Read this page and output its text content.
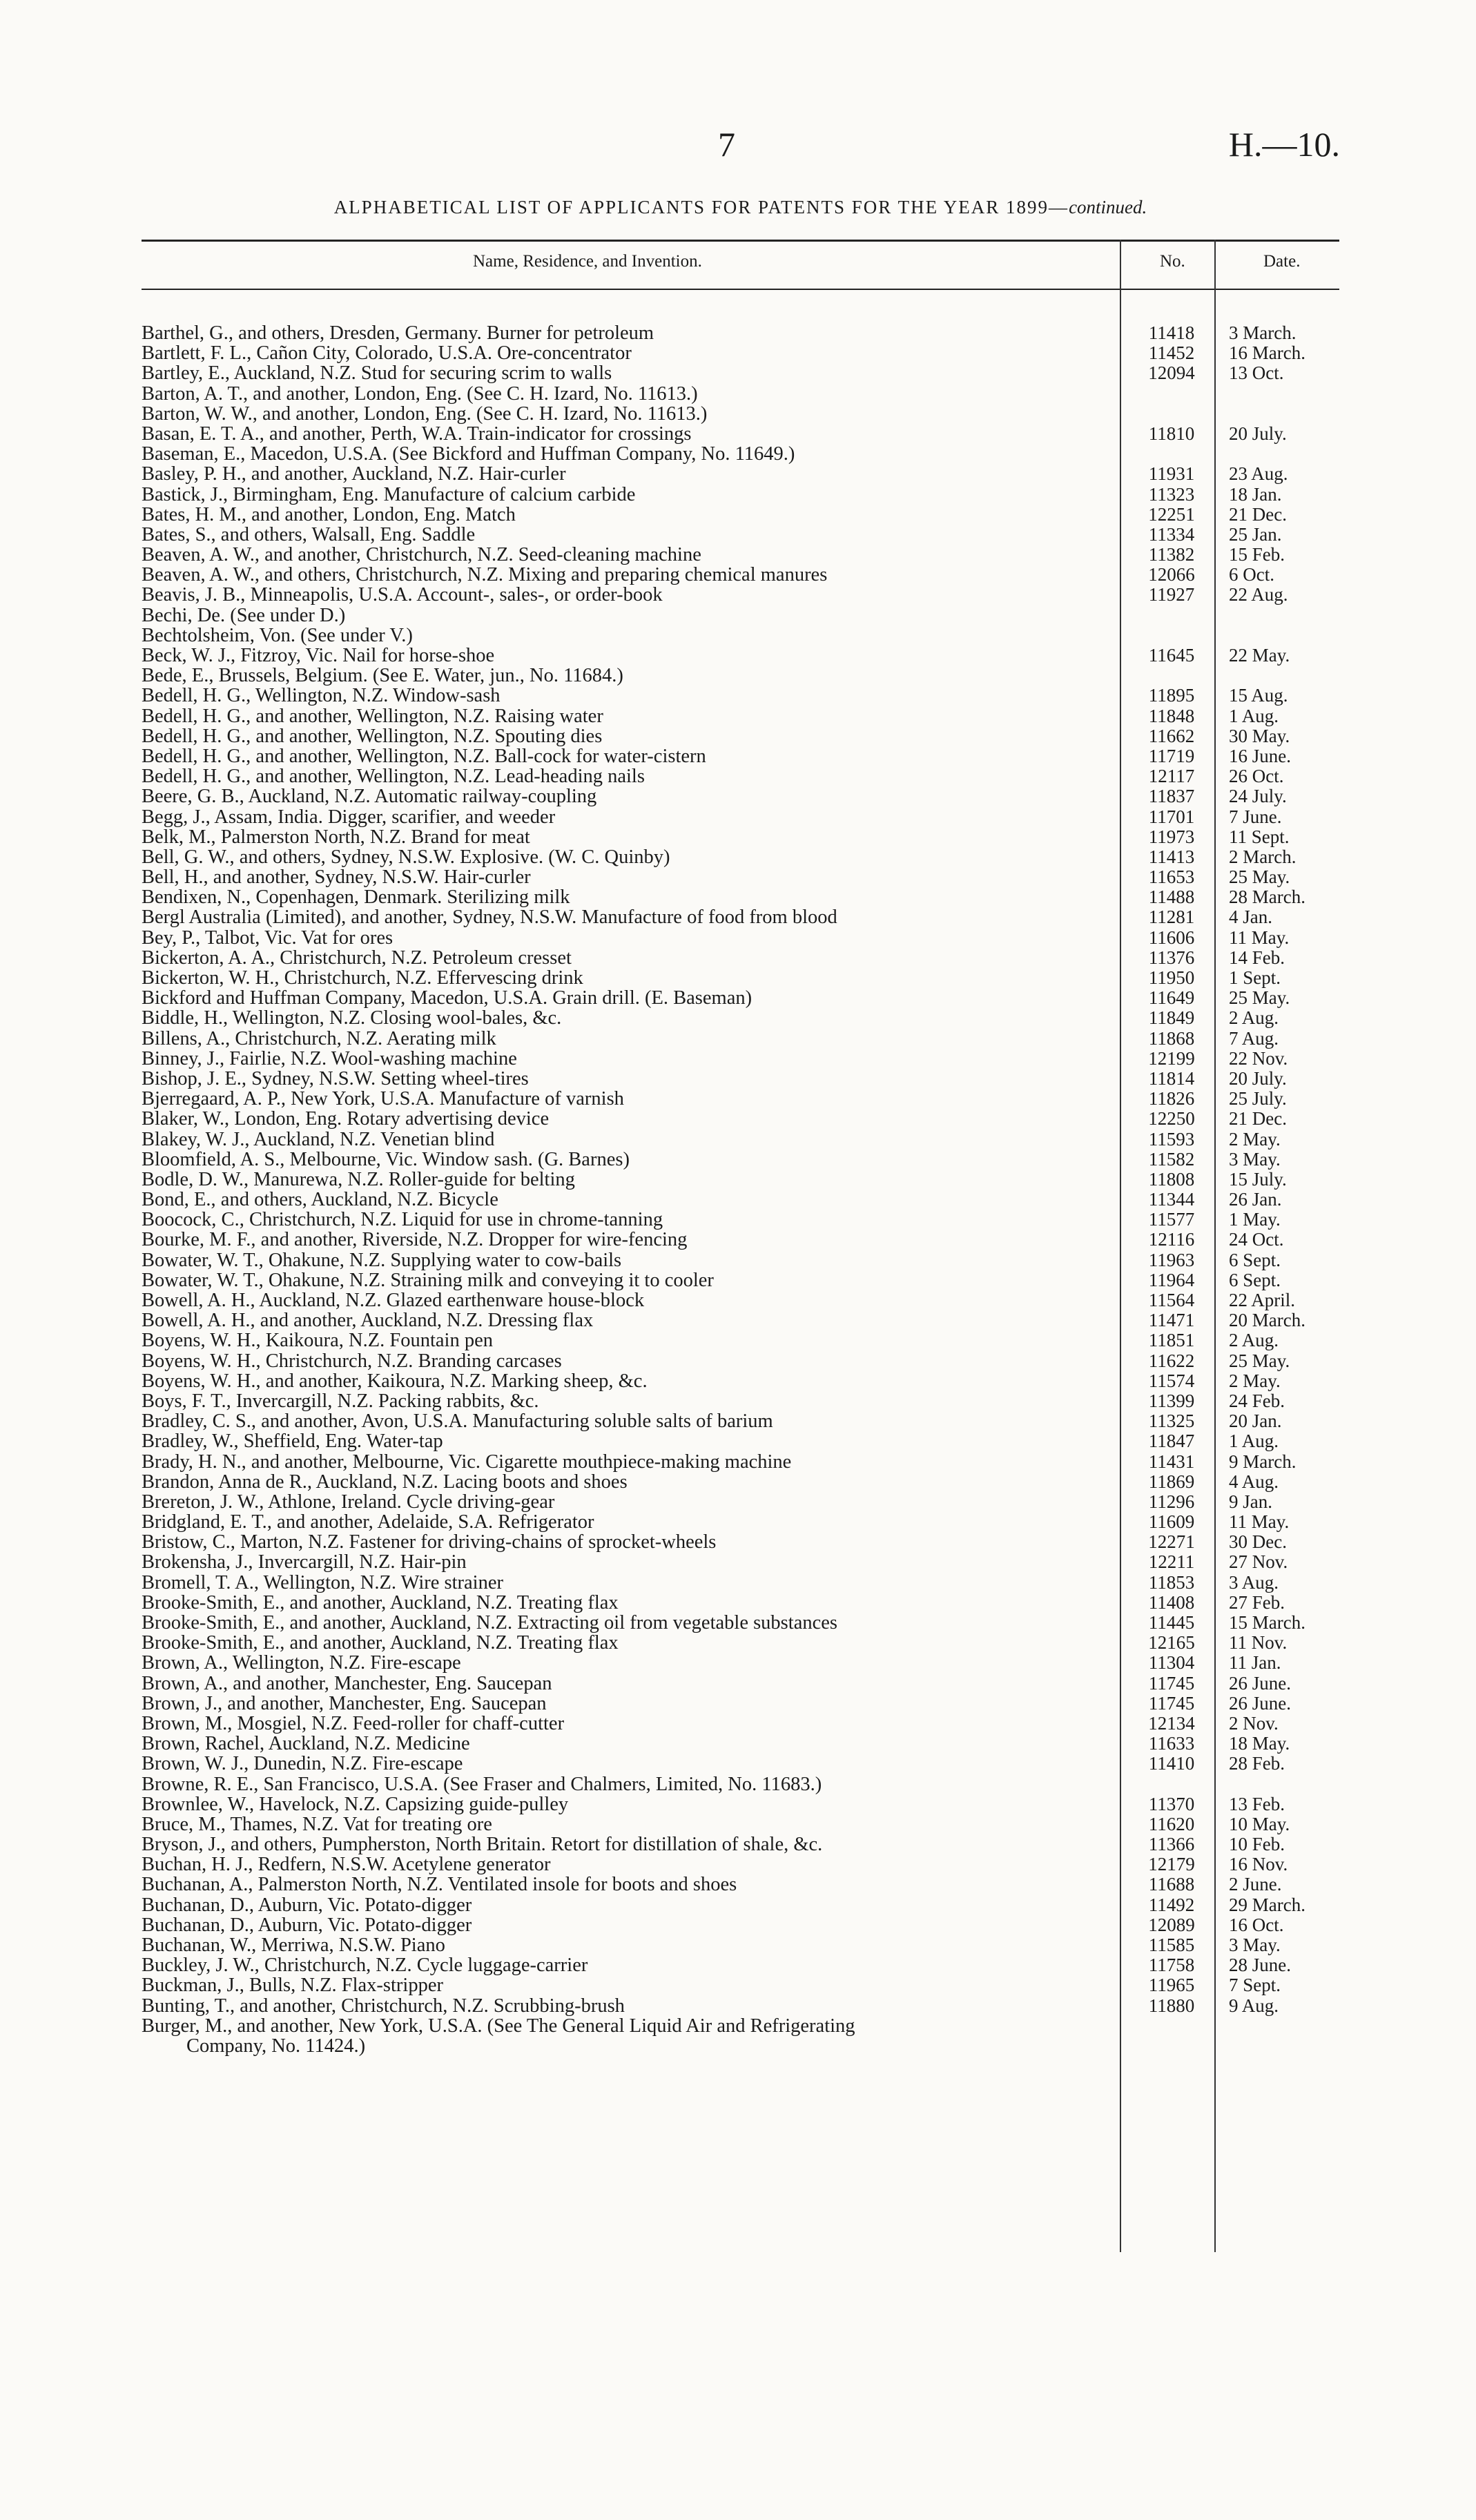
7	H.—10.
ALPHABETICAL LIST OF APPLICANTS FOR PATENTS FOR THE YEAR 1899—continued.
Name, Residence, and Invention.	No.	Date.
Barthel, G., and others, Dresden, Germany. Burner for petroleum	11418	3 March.
Bartlett, F. L., Cañon City, Colorado, U.S.A. Ore-concentrator	11452	16 March.
Bartley, E., Auckland, N.Z. Stud for securing scrim to walls	12094	13 Oct.
Barton, A. T., and another, London, Eng. (See C. H. Izard, No. 11613.)
Barton, W. W., and another, London, Eng. (See C. H. Izard, No. 11613.)
Basan, E. T. A., and another, Perth, W.A. Train-indicator for crossings	11810	20 July.
Baseman, E., Macedon, U.S.A. (See Bickford and Huffman Company, No. 11649.)
Basley, P. H., and another, Auckland, N.Z. Hair-curler	11931	23 Aug.
Bastick, J., Birmingham, Eng. Manufacture of calcium carbide	11323	18 Jan.
Bates, H. M., and another, London, Eng. Match	12251	21 Dec.
Bates, S., and others, Walsall, Eng. Saddle	11334	25 Jan.
Beaven, A. W., and another, Christchurch, N.Z. Seed-cleaning machine	11382	15 Feb.
Beaven, A. W., and others, Christchurch, N.Z. Mixing and preparing chemical manures	12066	6 Oct.
Beavis, J. B., Minneapolis, U.S.A. Account-, sales-, or order-book	11927	22 Aug.
Bechi, De. (See under D.)
Bechtolsheim, Von. (See under V.)
Beck, W. J., Fitzroy, Vic. Nail for horse-shoe	11645	22 May.
Bede, E., Brussels, Belgium. (See E. Water, jun., No. 11684.)
Bedell, H. G., Wellington, N.Z. Window-sash	11895	15 Aug.
Bedell, H. G., and another, Wellington, N.Z. Raising water	11848	1 Aug.
Bedell, H. G., and another, Wellington, N.Z. Spouting dies	11662	30 May.
Bedell, H. G., and another, Wellington, N.Z. Ball-cock for water-cistern	11719	16 June.
Bedell, H. G., and another, Wellington, N.Z. Lead-heading nails	12117	26 Oct.
Beere, G. B., Auckland, N.Z. Automatic railway-coupling	11837	24 July.
Begg, J., Assam, India. Digger, scarifier, and weeder	11701	7 June.
Belk, M., Palmerston North, N.Z. Brand for meat	11973	11 Sept.
Bell, G. W., and others, Sydney, N.S.W. Explosive. (W. C. Quinby)	11413	2 March.
Bell, H., and another, Sydney, N.S.W. Hair-curler	11653	25 May.
Bendixen, N., Copenhagen, Denmark. Sterilizing milk	11488	28 March.
Bergl Australia (Limited), and another, Sydney, N.S.W. Manufacture of food from blood	11281	4 Jan.
Bey, P., Talbot, Vic. Vat for ores	11606	11 May.
Bickerton, A. A., Christchurch, N.Z. Petroleum cresset	11376	14 Feb.
Bickerton, W. H., Christchurch, N.Z. Effervescing drink	11950	1 Sept.
Bickford and Huffman Company, Macedon, U.S.A. Grain drill. (E. Baseman)	11649	25 May.
Biddle, H., Wellington, N.Z. Closing wool-bales, &c.	11849	2 Aug.
Billens, A., Christchurch, N.Z. Aerating milk	11868	7 Aug.
Binney, J., Fairlie, N.Z. Wool-washing machine	12199	22 Nov.
Bishop, J. E., Sydney, N.S.W. Setting wheel-tires	11814	20 July.
Bjerregaard, A. P., New York, U.S.A. Manufacture of varnish	11826	25 July.
Blaker, W., London, Eng. Rotary advertising device	12250	21 Dec.
Blakey, W. J., Auckland, N.Z. Venetian blind	11593	2 May.
Bloomfield, A. S., Melbourne, Vic. Window sash. (G. Barnes)	11582	3 May.
Bodle, D. W., Manurewa, N.Z. Roller-guide for belting	11808	15 July.
Bond, E., and others, Auckland, N.Z. Bicycle	11344	26 Jan.
Boocock, C., Christchurch, N.Z. Liquid for use in chrome-tanning	11577	1 May.
Bourke, M. F., and another, Riverside, N.Z. Dropper for wire-fencing	12116	24 Oct.
Bowater, W. T., Ohakune, N.Z. Supplying water to cow-bails	11963	6 Sept.
Bowater, W. T., Ohakune, N.Z. Straining milk and conveying it to cooler	11964	6 Sept.
Bowell, A. H., Auckland, N.Z. Glazed earthenware house-block	11564	22 April.
Bowell, A. H., and another, Auckland, N.Z. Dressing flax	11471	20 March.
Boyens, W. H., Kaikoura, N.Z. Fountain pen	11851	2 Aug.
Boyens, W. H., Christchurch, N.Z. Branding carcases	11622	25 May.
Boyens, W. H., and another, Kaikoura, N.Z. Marking sheep, &c.	11574	2 May.
Boys, F. T., Invercargill, N.Z. Packing rabbits, &c.	11399	24 Feb.
Bradley, C. S., and another, Avon, U.S.A. Manufacturing soluble salts of barium	11325	20 Jan.
Bradley, W., Sheffield, Eng. Water-tap	11847	1 Aug.
Brady, H. N., and another, Melbourne, Vic. Cigarette mouthpiece-making machine	11431	9 March.
Brandon, Anna de R., Auckland, N.Z. Lacing boots and shoes	11869	4 Aug.
Brereton, J. W., Athlone, Ireland. Cycle driving-gear	11296	9 Jan.
Bridgland, E. T., and another, Adelaide, S.A. Refrigerator	11609	11 May.
Bristow, C., Marton, N.Z. Fastener for driving-chains of sprocket-wheels	12271	30 Dec.
Brokensha, J., Invercargill, N.Z. Hair-pin	12211	27 Nov.
Bromell, T. A., Wellington, N.Z. Wire strainer	11853	3 Aug.
Brooke-Smith, E., and another, Auckland, N.Z. Treating flax	11408	27 Feb.
Brooke-Smith, E., and another, Auckland, N.Z. Extracting oil from vegetable substances	11445	15 March.
Brooke-Smith, E., and another, Auckland, N.Z. Treating flax	12165	11 Nov.
Brown, A., Wellington, N.Z. Fire-escape	11304	11 Jan.
Brown, A., and another, Manchester, Eng. Saucepan	11745	26 June.
Brown, J., and another, Manchester, Eng. Saucepan	11745	26 June.
Brown, M., Mosgiel, N.Z. Feed-roller for chaff-cutter	12134	2 Nov.
Brown, Rachel, Auckland, N.Z. Medicine	11633	18 May.
Brown, W. J., Dunedin, N.Z. Fire-escape	11410	28 Feb.
Browne, R. E., San Francisco, U.S.A. (See Fraser and Chalmers, Limited, No. 11683.)
Brownlee, W., Havelock, N.Z. Capsizing guide-pulley	11370	13 Feb.
Bruce, M., Thames, N.Z. Vat for treating ore	11620	10 May.
Bryson, J., and others, Pumpherston, North Britain. Retort for distillation of shale, &c.	11366	10 Feb.
Buchan, H. J., Redfern, N.S.W. Acetylene generator	12179	16 Nov.
Buchanan, A., Palmerston North, N.Z. Ventilated insole for boots and shoes	11688	2 June.
Buchanan, D., Auburn, Vic. Potato-digger	11492	29 March.
Buchanan, D., Auburn, Vic. Potato-digger	12089	16 Oct.
Buchanan, W., Merriwa, N.S.W. Piano	11585	3 May.
Buckley, J. W., Christchurch, N.Z. Cycle luggage-carrier	11758	28 June.
Buckman, J., Bulls, N.Z. Flax-stripper	11965	7 Sept.
Bunting, T., and another, Christchurch, N.Z. Scrubbing-brush	11880	9 Aug.
Burger, M., and another, New York, U.S.A. (See The General Liquid Air and Refrigerating
Company, No. 11424.)
